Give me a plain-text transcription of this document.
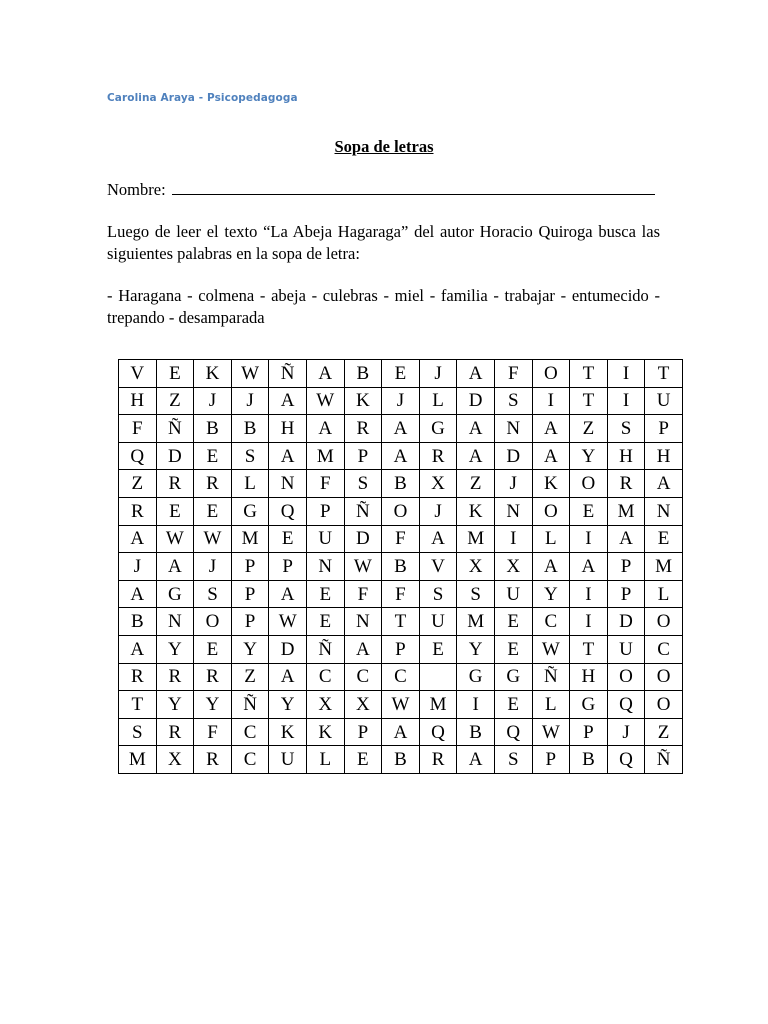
Carolina Araya - Psicopedagoga
Sopa de letras
Nombre:
Luego de leer el texto “La Abeja Hagaraga” del autor Horacio Quiroga busca las siguientes palabras en la sopa de letra:
- Haragana - colmena - abeja - culebras - miel - familia - trabajar - entumecido - trepando - desamparada
V	E	K	W	Ñ	A	B	E	J	A	F	O	T	I	T
H	Z	J	J	A	W	K	J	L	D	S	I	T	I	U
F	Ñ	B	B	H	A	R	A	G	A	N	A	Z	S	P
Q	D	E	S	A	M	P	A	R	A	D	A	Y	H	H
Z	R	R	L	N	F	S	B	X	Z	J	K	O	R	A
R	E	E	G	Q	P	Ñ	O	J	K	N	O	E	M	N
A	W	W	M	E	U	D	F	A	M	I	L	I	A	E
J	A	J	P	P	N	W	B	V	X	X	A	A	P	M
A	G	S	P	A	E	F	F	S	S	U	Y	I	P	L
B	N	O	P	W	E	N	T	U	M	E	C	I	D	O
A	Y	E	Y	D	Ñ	A	P	E	Y	E	W	T	U	C
R	R	R	Z	A	C	C	C		G	G	Ñ	H	O	O
T	Y	Y	Ñ	Y	X	X	W	M	I	E	L	G	Q	O
S	R	F	C	K	K	P	A	Q	B	Q	W	P	J	Z
M	X	R	C	U	L	E	B	R	A	S	P	B	Q	Ñ
